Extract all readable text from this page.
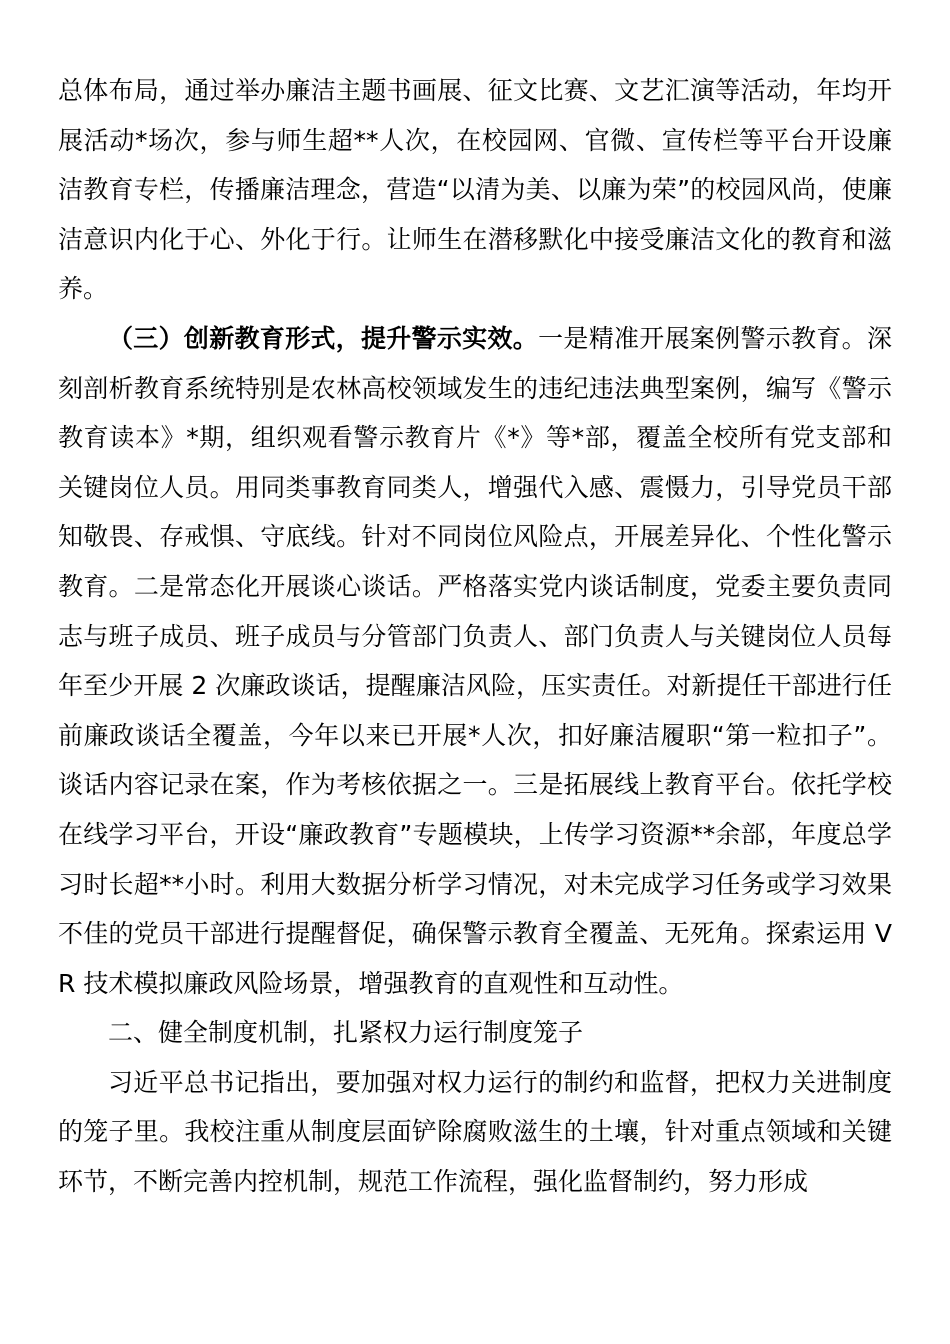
总体布局，通过举办廉洁主题书画展、征文比赛、文艺汇演等活动，年均开展活动*场次，参与师生超**人次，在校园网、官微、宣传栏等平台开设廉洁教育专栏，传播廉洁理念，营造“以清为美、以廉为荣”的校园风尚，使廉洁意识内化于心、外化于行。让师生在潜移默化中接受廉洁文化的教育和滋养。

（三）创新教育形式，提升警示实效。一是精准开展案例警示教育。深刻剖析教育系统特别是农林高校领域发生的违纪违法典型案例，编写《警示教育读本》*期，组织观看警示教育片《*》等*部，覆盖全校所有党支部和关键岗位人员。用同类事教育同类人，增强代入感、震慑力，引导党员干部知敬畏、存戒惧、守底线。针对不同岗位风险点，开展差异化、个性化警示教育。二是常态化开展谈心谈话。严格落实党内谈话制度，党委主要负责同志与班子成员、班子成员与分管部门负责人、部门负责人与关键岗位人员每年至少开展 2 次廉政谈话，提醒廉洁风险，压实责任。对新提任干部进行任前廉政谈话全覆盖，今年以来已开展*人次，扣好廉洁履职“第一粒扣子”。谈话内容记录在案，作为考核依据之一。三是拓展线上教育平台。依托学校在线学习平台，开设“廉政教育”专题模块，上传学习资源**余部，年度总学习时长超**小时。利用大数据分析学习情况，对未完成学习任务或学习效果不佳的党员干部进行提醒督促，确保警示教育全覆盖、无死角。探索运用 VR 技术模拟廉政风险场景，增强教育的直观性和互动性。

二、健全制度机制，扎紧权力运行制度笼子

习近平总书记指出，要加强对权力运行的制约和监督，把权力关进制度的笼子里。我校注重从制度层面铲除腐败滋生的土壤，针对重点领域和关键环节，不断完善内控机制，规范工作流程，强化监督制约，努力形成
